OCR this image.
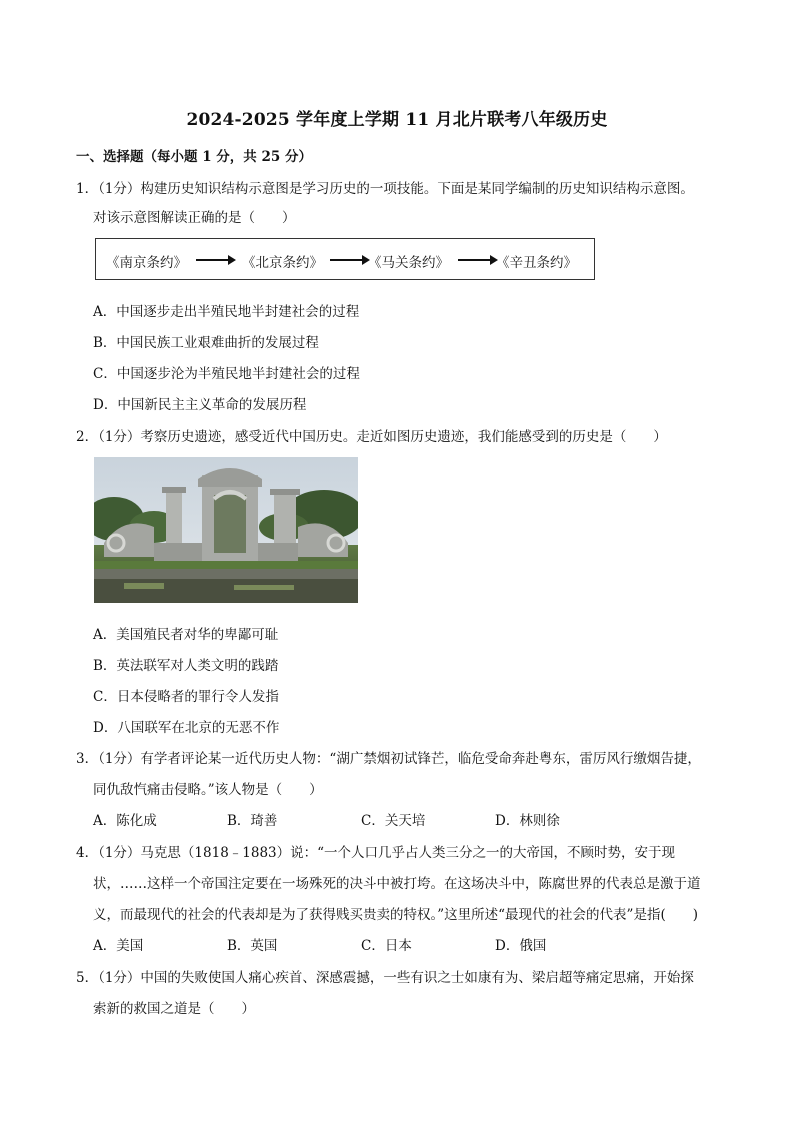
2024-2025 学年度上学期 11 月北片联考八年级历史
一、选择题（每小题 1 分，共 25 分）
1．（1分）构建历史知识结构示意图是学习历史的一项技能。下面是某同学编制的历史知识结构示意图。
对该示意图解读正确的是（　　）
《南京条约》	《北京条约》	《马关条约》	《辛丑条约》
A．中国逐步走出半殖民地半封建社会的过程
B．中国民族工业艰难曲折的发展过程
C．中国逐步沦为半殖民地半封建社会的过程
D．中国新民主主义革命的发展历程
2．（1分）考察历史遗迹，感受近代中国历史。走近如图历史遗迹，我们能感受到的历史是（　　）
A．美国殖民者对华的卑鄙可耻
B．英法联军对人类文明的践踏
C．日本侵略者的罪行令人发指
D．八国联军在北京的无恶不作
3．（1分）有学者评论某一近代历史人物：“湖广禁烟初试锋芒，临危受命奔赴粤东，雷厉风行缴烟告捷，
同仇敌忾痛击侵略。”该人物是（　　）
A．陈化成	B．琦善	C．关天培	D．林则徐
4．（1分）马克思（1818﹣1883）说：“一个人口几乎占人类三分之一的大帝国，不顾时势，安于现
状，……这样一个帝国注定要在一场殊死的决斗中被打垮。在这场决斗中，陈腐世界的代表总是激于道
义，而最现代的社会的代表却是为了获得贱买贵卖的特权。”这里所述“最现代的社会的代表”是指(　　)
A．美国	B．英国	C．日本	D．俄国
5．（1分）中国的失败使国人痛心疾首、深感震撼，一些有识之士如康有为、梁启超等痛定思痛，开始探
索新的救国之道是（　　）
